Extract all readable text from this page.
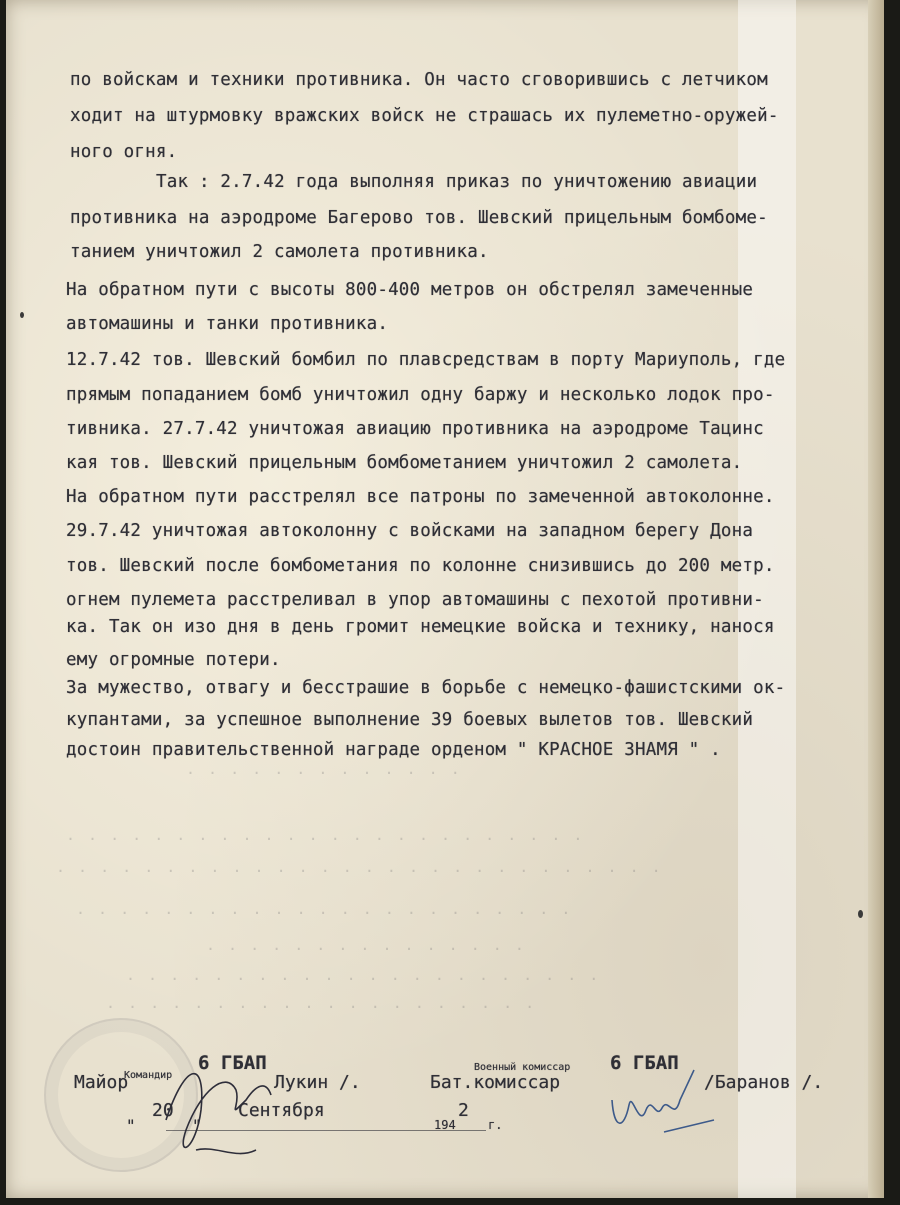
. . . . . . . . . . . . .
. . . . . . . . . . . . . . . . . . . . . . . .
. . . . . . . . . . . . . . . . . . . . . . . . . . . .
. . . . . . . . . . . . . . . . . . . . . . .
. . . . . . . . . . . . . . .
. . . . . . . . . . . . . . . . . . . . . .
. . . . . . . . . . . . . . . . . . . .
по войскам и техники противника. Он часто сговорившись с летчиком
ходит на штурмовку вражских войск не страшась их пулеметно-оружей-
ного огня.
Так : 2.7.42 года выполняя приказ по уничтожению авиации
противника на аэродроме Багерово тов. Шевский прицельным бомбоме-
танием уничтожил 2 самолета противника.
На обратном пути с высоты 800-400 метров он обстрелял замеченные
автомашины и танки противника.
12.7.42 тов. Шевский бомбил по плавсредствам в порту Мариуполь, где
прямым попаданием бомб уничтожил одну баржу и несколько лодок про-
тивника. 27.7.42 уничтожая авиацию противника на аэродроме Тацинс
кая тов. Шевский прицельным бомбометанием уничтожил 2 самолета.
На обратном пути расстрелял все патроны по замеченной автоколонне.
29.7.42 уничтожая автоколонну с войсками на западном берегу Дона
тов. Шевский после бомбометания по колонне снизившись до 200 метр.
огнем пулемета расстреливал в упор автомашины с пехотой противни-
ка. Так он изо дня в день громит немецкие войска и технику, нанося
ему огромные потери.
За мужество, отвагу и бесстрашие в борьбе с немецко-фашистскими ок-
купантами, за успешное выполнение 39 боевых вылетов тов. Шевский
достоин правительственной награде орденом " КРАСНОЕ ЗНАМЯ " .
6 ГБАП
Командир
Майор	Лукин /.	Бат.комиссар
Военный комиссар 6 ГБАП
/Баранов /.
"
20
"
Сентября
194
2
г.
